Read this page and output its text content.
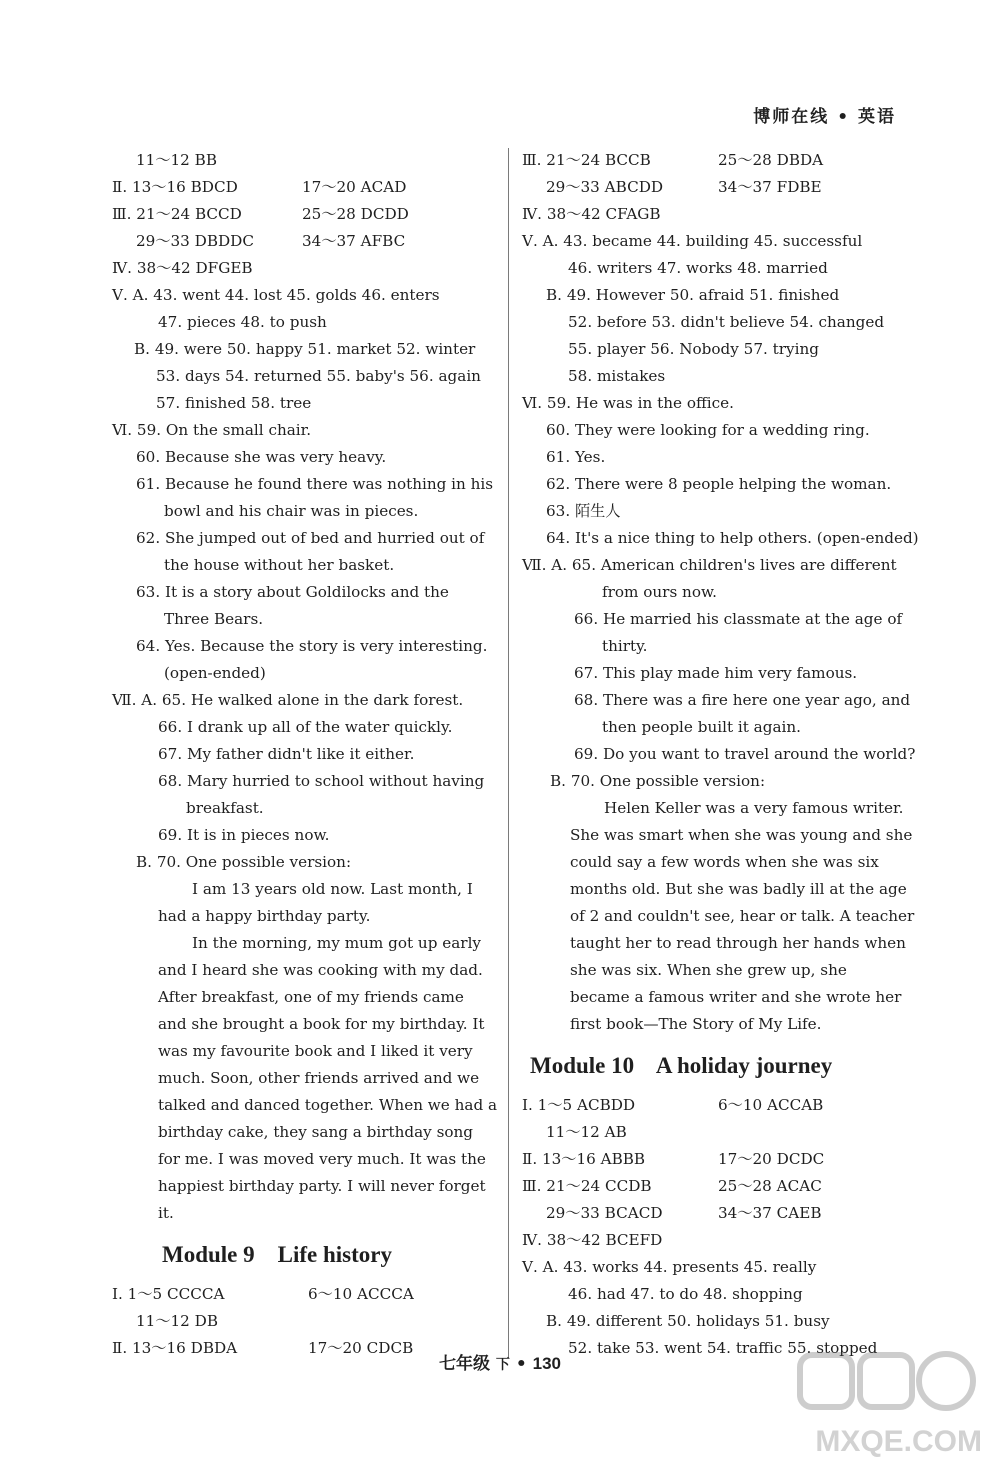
博师在线 • 英语
11～12 BB
Ⅱ. 13～16 BDCD	17～20 ACAD
Ⅲ. 21～24 BCCD	25～28 DCDD
29～33 DBDDC	34～37 AFBC
Ⅳ. 38～42 DFGEB
Ⅴ. A. 43. went 44. lost 45. golds 46. enters
47. pieces 48. to push
B. 49. were 50. happy 51. market 52. winter
53. days 54. returned 55. baby's 56. again
57. finished 58. tree
Ⅵ. 59. On the small chair.
60. Because she was very heavy.
61. Because he found there was nothing in his
bowl and his chair was in pieces.
62. She jumped out of bed and hurried out of
the house without her basket.
63. It is a story about Goldilocks and the
Three Bears.
64. Yes. Because the story is very interesting.
(open-ended)
Ⅶ. A. 65. He walked alone in the dark forest.
66. I drank up all of the water quickly.
67. My father didn't like it either.
68. Mary hurried to school without having
breakfast.
69. It is in pieces now.
B. 70. One possible version:
I am 13 years old now. Last month, I
had a happy birthday party.
In the morning, my mum got up early
and I heard she was cooking with my dad.
After breakfast, one of my friends came
and she brought a book for my birthday. It
was my favourite book and I liked it very
much. Soon, other friends arrived and we
talked and danced together. When we had a
birthday cake, they sang a birthday song
for me. I was moved very much. It was the
happiest birthday party. I will never forget
it.
Module 9    Life history
Ⅰ. 1～5 CCCCA	6～10 ACCCA
11～12 DB
Ⅱ. 13～16 DBDA	17～20 CDCB
Ⅲ. 21～24 BCCB	25～28 DBDA
29～33 ABCDD	34～37 FDBE
Ⅳ. 38～42 CFAGB
Ⅴ. A. 43. became 44. building 45. successful
46. writers 47. works 48. married
B. 49. However 50. afraid 51. finished
52. before 53. didn't believe 54. changed
55. player 56. Nobody 57. trying
58. mistakes
Ⅵ. 59. He was in the office.
60. They were looking for a wedding ring.
61. Yes.
62. There were 8 people helping the woman.
63. 陌生人
64. It's a nice thing to help others. (open-ended)
Ⅶ. A. 65. American children's lives are different
from ours now.
66. He married his classmate at the age of
thirty.
67. This play made him very famous.
68. There was a fire here one year ago, and
then people built it again.
69. Do you want to travel around the world?
B. 70. One possible version:
Helen Keller was a very famous writer.
She was smart when she was young and she
could say a few words when she was six
months old. But she was badly ill at the age
of 2 and couldn't see, hear or talk. A teacher
taught her to read through her hands when
she was six. When she grew up, she
became a famous writer and she wrote her
first book—The Story of My Life.
Module 10    A holiday journey
Ⅰ. 1～5 ACBDD	6～10 ACCAB
11～12 AB
Ⅱ. 13～16 ABBB	17～20 DCDC
Ⅲ. 21～24 CCDB	25～28 ACAC
29～33 BCACD	34～37 CAEB
Ⅳ. 38～42 BCEFD
Ⅴ. A. 43. works 44. presents 45. really
46. had 47. to do 48. shopping
B. 49. different 50. holidays 51. busy
52. take 53. went 54. traffic 55. stopped
七年级 下 • 130
MXQE.COM
